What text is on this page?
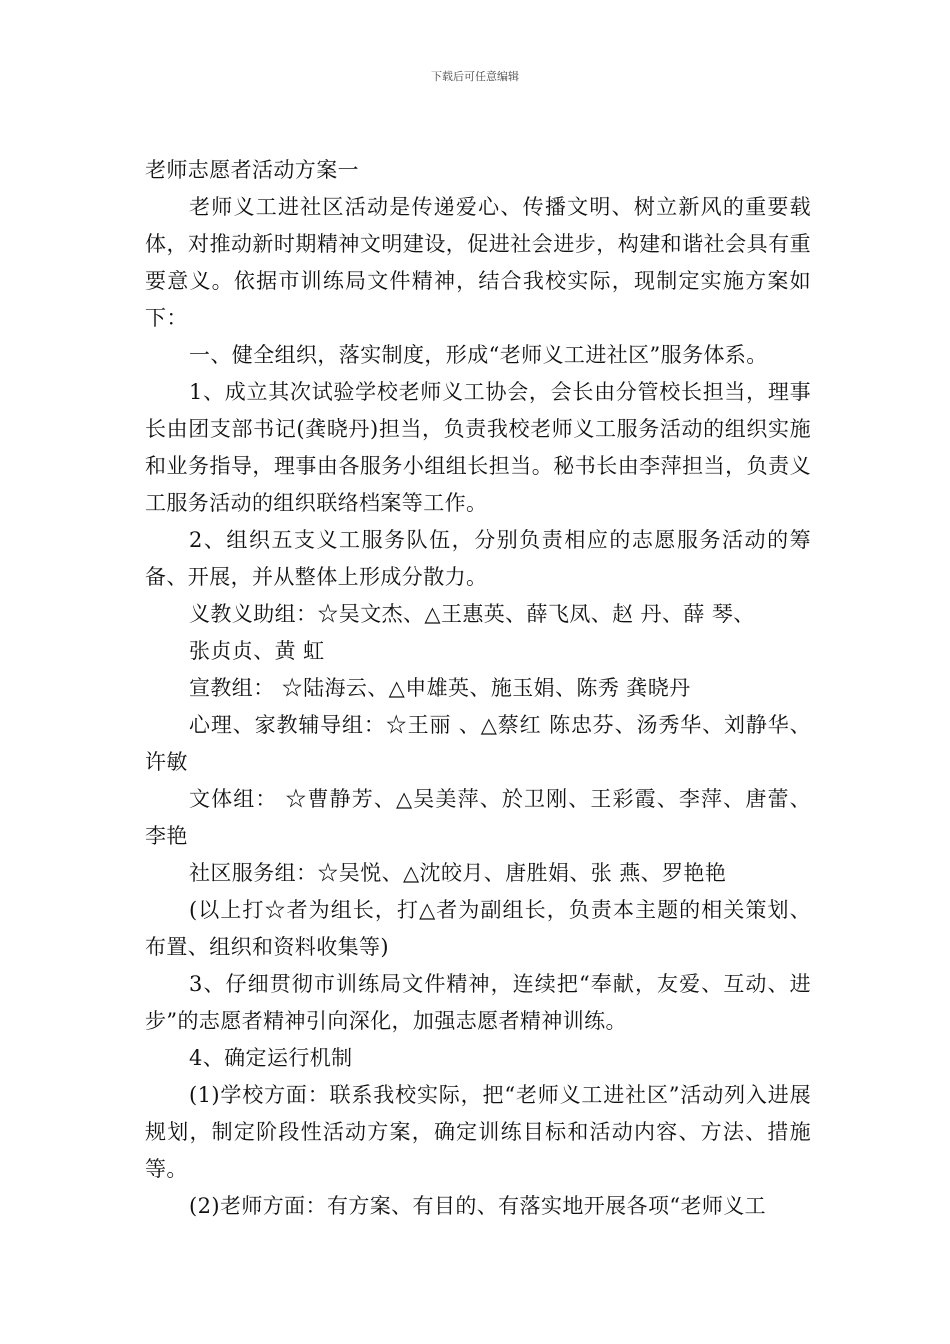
下载后可任意编辑

老师志愿者活动方案一

老师义工进社区活动是传递爱心、传播文明、树立新风的重要载体，对推动新时期精神文明建设，促进社会进步，构建和谐社会具有重要意义。依据市训练局文件精神，结合我校实际，现制定实施方案如下：

一、健全组织，落实制度，形成“老师义工进社区”服务体系。

1、成立其次试验学校老师义工协会，会长由分管校长担当，理事长由团支部书记(龚晓丹)担当，负责我校老师义工服务活动的组织实施和业务指导，理事由各服务小组组长担当。秘书长由李萍担当，负责义工服务活动的组织联络档案等工作。

2、组织五支义工服务队伍，分别负责相应的志愿服务活动的筹备、开展，并从整体上形成分散力。

义教义助组：☆吴文杰、△王惠英、薛飞凤、赵 丹、薛 琴、

张贞贞、黄 虹

宣教组： ☆陆海云、△申雄英、施玉娟、陈秀 龚晓丹

心理、家教辅导组：☆王丽 、△蔡红 陈忠芬、汤秀华、刘静华、许敏

文体组： ☆曹静芳、△吴美萍、於卫刚、王彩霞、李萍、唐蕾、李艳

社区服务组：☆吴悦、△沈皎月、唐胜娟、张 燕、罗艳艳

(以上打☆者为组长，打△者为副组长，负责本主题的相关策划、布置、组织和资料收集等)

3、仔细贯彻市训练局文件精神，连续把“奉献，友爱、互动、进步”的志愿者精神引向深化，加强志愿者精神训练。

4、确定运行机制

(1)学校方面：联系我校实际，把“老师义工进社区”活动列入进展规划，制定阶段性活动方案，确定训练目标和活动内容、方法、措施等。

(2)老师方面：有方案、有目的、有落实地开展各项“老师义工
